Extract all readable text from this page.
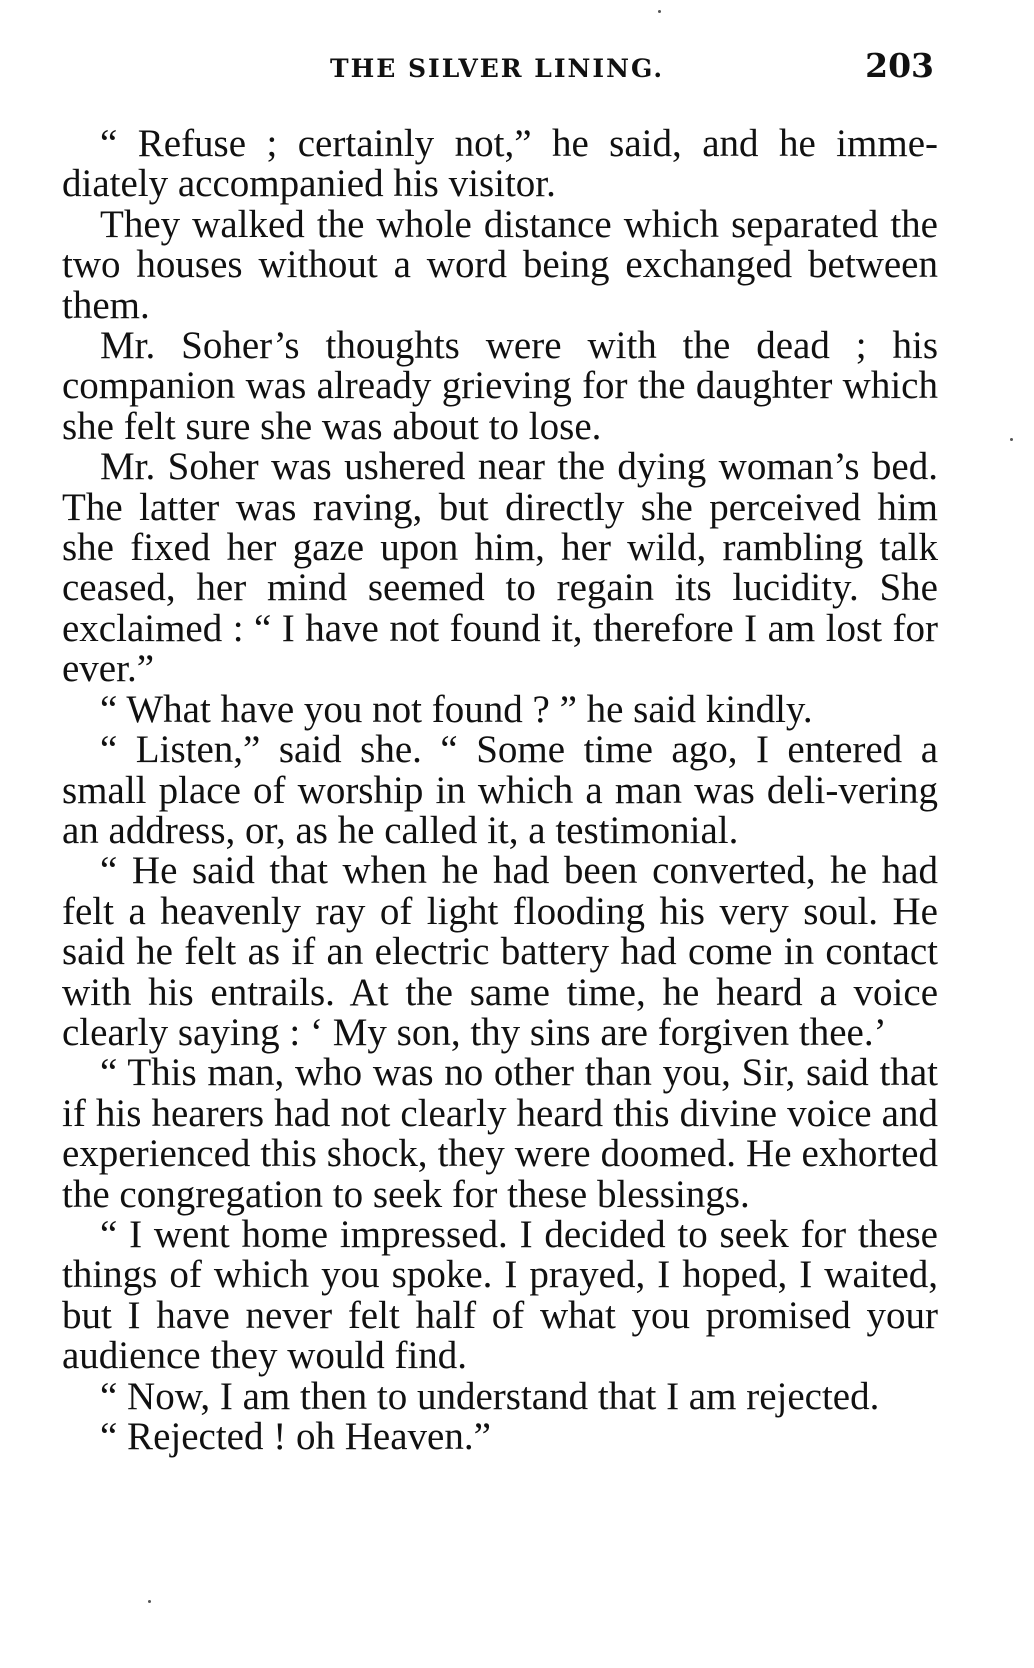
THE SILVER LINING.	203

“ Refuse ; certainly not,” he said, and he imme-diately accompanied his visitor.

They walked the whole distance which separated the two houses without a word being exchanged between them.

Mr. Soher’s thoughts were with the dead ; his companion was already grieving for the daughter which she felt sure she was about to lose.

Mr. Soher was ushered near the dying woman’s bed. The latter was raving, but directly she perceived him she fixed her gaze upon him, her wild, rambling talk ceased, her mind seemed to regain its lucidity. She exclaimed : “ I have not found it, therefore I am lost for ever.”

“ What have you not found ? ” he said kindly.

“ Listen,” said she. “ Some time ago, I entered a small place of worship in which a man was deli-vering an address, or, as he called it, a testimonial.

“ He said that when he had been converted, he had felt a heavenly ray of light flooding his very soul. He said he felt as if an electric battery had come in contact with his entrails. At the same time, he heard a voice clearly saying : ‘ My son, thy sins are forgiven thee.’

“ This man, who was no other than you, Sir, said that if his hearers had not clearly heard this divine voice and experienced this shock, they were doomed. He exhorted the congregation to seek for these blessings.

“ I went home impressed. I decided to seek for these things of which you spoke. I prayed, I hoped, I waited, but I have never felt half of what you promised your audience they would find.

“ Now, I am then to understand that I am rejected.

“ Rejected ! oh Heaven.”
